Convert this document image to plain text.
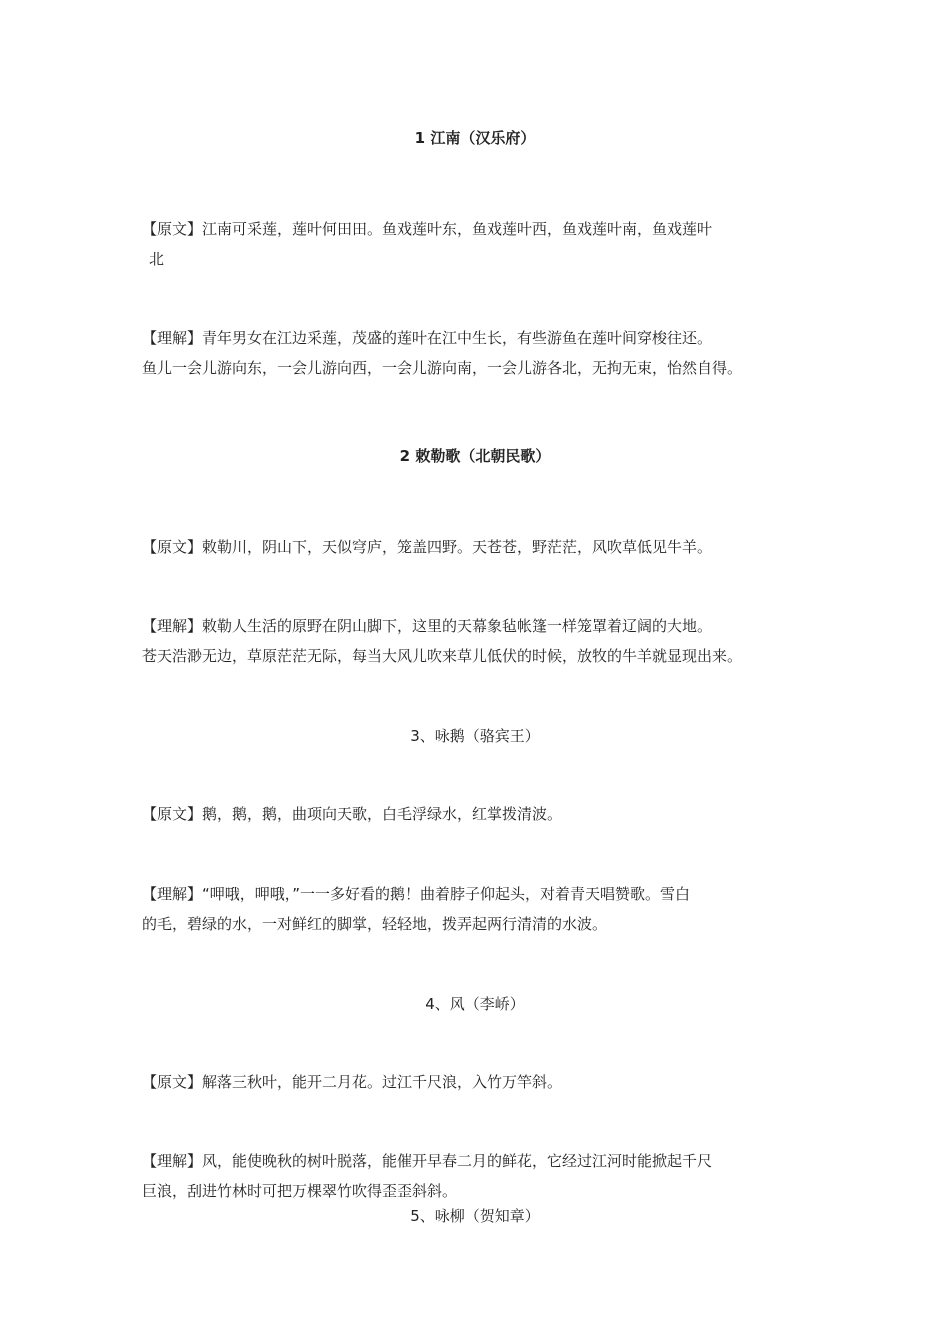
1 江南（汉乐府）

【原文】江南可采莲，莲叶何田田。鱼戏莲叶东，鱼戏莲叶西，鱼戏莲叶南，鱼戏莲叶
北
【理解】青年男女在江边采莲，茂盛的莲叶在江中生长，有些游鱼在莲叶间穿梭往还。
鱼儿一会儿游向东，一会儿游向西，一会儿游向南，一会儿游各北，无拘无束，怡然自得。

2 敕勒歌（北朝民歌）

【原文】敕勒川，阴山下，天似穹庐，笼盖四野。天苍苍，野茫茫，风吹草低见牛羊。
【理解】敕勒人生活的原野在阴山脚下，这里的天幕象毡帐篷一样笼罩着辽阔的大地。
苍天浩渺无边，草原茫茫无际，每当大风儿吹来草儿低伏的时候，放牧的牛羊就显现出来。

3、咏鹅（骆宾王）

【原文】鹅，鹅，鹅，曲项向天歌，白毛浮绿水，红掌拨清波。
【理解】“呷哦，呷哦，”一一多好看的鹅！曲着脖子仰起头，对着青天唱赞歌。雪白
的毛，碧绿的水，一对鲜红的脚掌，轻轻地，拨弄起两行清清的水波。

4、风（李峤）

【原文】解落三秋叶，能开二月花。过江千尺浪，入竹万竿斜。
【理解】风，能使晚秋的树叶脱落，能催开早春二月的鲜花，它经过江河时能掀起千尺
巨浪，刮进竹林时可把万棵翠竹吹得歪歪斜斜。

5、咏柳（贺知章）
